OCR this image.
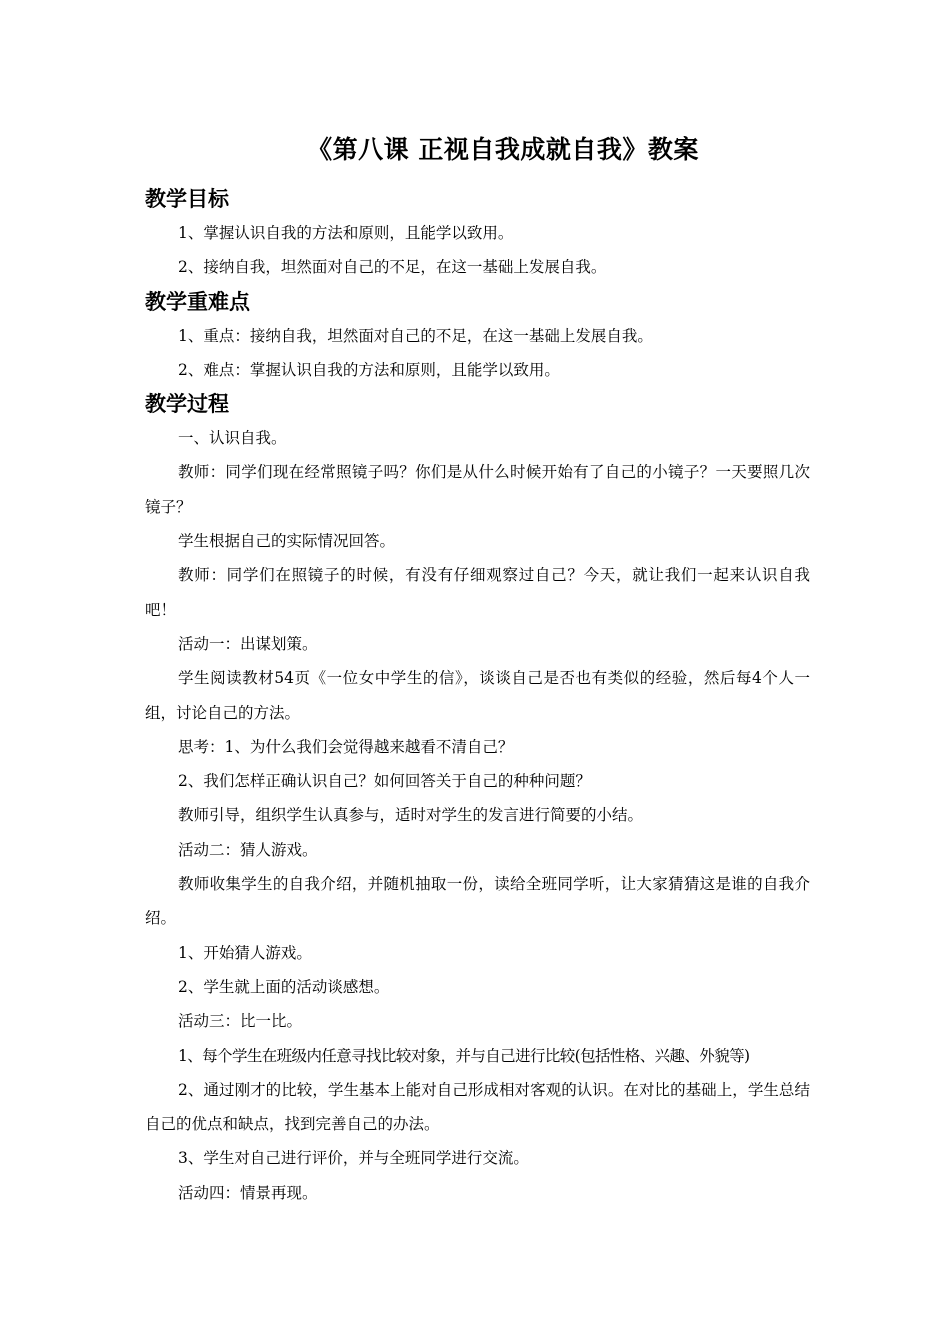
《第八课 正视自我成就自我》教案
教学目标

1、掌握认识自我的方法和原则，且能学以致用。

2、接纳自我，坦然面对自己的不足，在这一基础上发展自我。

教学重难点

1、重点：接纳自我，坦然面对自己的不足，在这一基础上发展自我。

2、难点：掌握认识自我的方法和原则，且能学以致用。

教学过程

一、认识自我。

教师：同学们现在经常照镜子吗？你们是从什么时候开始有了自己的小镜子？一天要照几次镜子？

学生根据自己的实际情况回答。

教师：同学们在照镜子的时候，有没有仔细观察过自己？今天，就让我们一起来认识自我吧！

活动一：出谋划策。

学生阅读教材54页《一位女中学生的信》，谈谈自己是否也有类似的经验，然后每4个人一组，讨论自己的方法。

思考：1、为什么我们会觉得越来越看不清自己？

2、我们怎样正确认识自己？如何回答关于自己的种种问题？

教师引导，组织学生认真参与，适时对学生的发言进行简要的小结。

活动二：猜人游戏。

教师收集学生的自我介绍，并随机抽取一份，读给全班同学听，让大家猜猜这是谁的自我介绍。

1、开始猜人游戏。

2、学生就上面的活动谈感想。

活动三：比一比。

1、每个学生在班级内任意寻找比较对象，并与自己进行比较(包括性格、兴趣、外貌等)

2、通过刚才的比较，学生基本上能对自己形成相对客观的认识。在对比的基础上，学生总结自己的优点和缺点，找到完善自己的办法。

3、学生对自己进行评价，并与全班同学进行交流。

活动四：情景再现。
